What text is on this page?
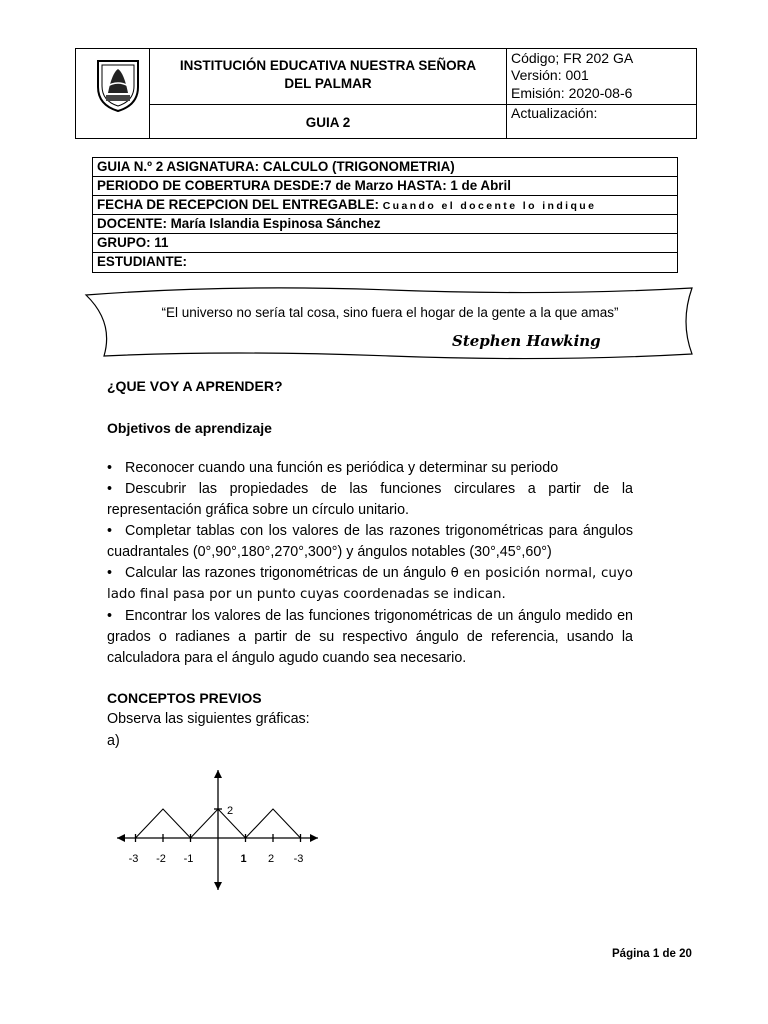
INSTITUCIÓN EDUCATIVA NUESTRA SEÑORA
DEL PALMAR
GUIA 2
Código; FR 202 GA
Versión: 001
Emisión: 2020-08-6
Actualización:
GUIA N.º 2 ASIGNATURA: CALCULO (TRIGONOMETRIA)
PERIODO DE COBERTURA DESDE:7 de Marzo HASTA: 1 de Abril
FECHA DE RECEPCION DEL ENTREGABLE: Cuando el docente lo indique
DOCENTE: María Islandia Espinosa Sánchez
GRUPO: 11
ESTUDIANTE:
“El universo no sería tal cosa, sino fuera el hogar de la gente a la que amas”
Stephen Hawking
¿QUE VOY A APRENDER?
Objetivos de aprendizaje

• Reconocer cuando una función es periódica y determinar su periodo

• Descubrir las propiedades de las funciones circulares a partir de la representación gráfica sobre un círculo unitario.

• Completar tablas con los valores de las razones trigonométricas para ángulos cuadrantales (0°,90°,180°,270°,300°) y ángulos notables (30°,45°,60°)

• Calcular las razones trigonométricas de un ángulo θ en posición normal, cuyo lado final pasa por un punto cuyas coordenadas se indican.

• Encontrar los valores de las funciones trigonométricas de un ángulo medido en grados o radianes a partir de su respectivo ángulo de referencia, usando la calculadora para el ángulo agudo cuando sea necesario.

CONCEPTOS PREVIOS
Observa las siguientes gráficas:
a)
-3 -2 -1	1 2 -3
2
Página 1 de 20
